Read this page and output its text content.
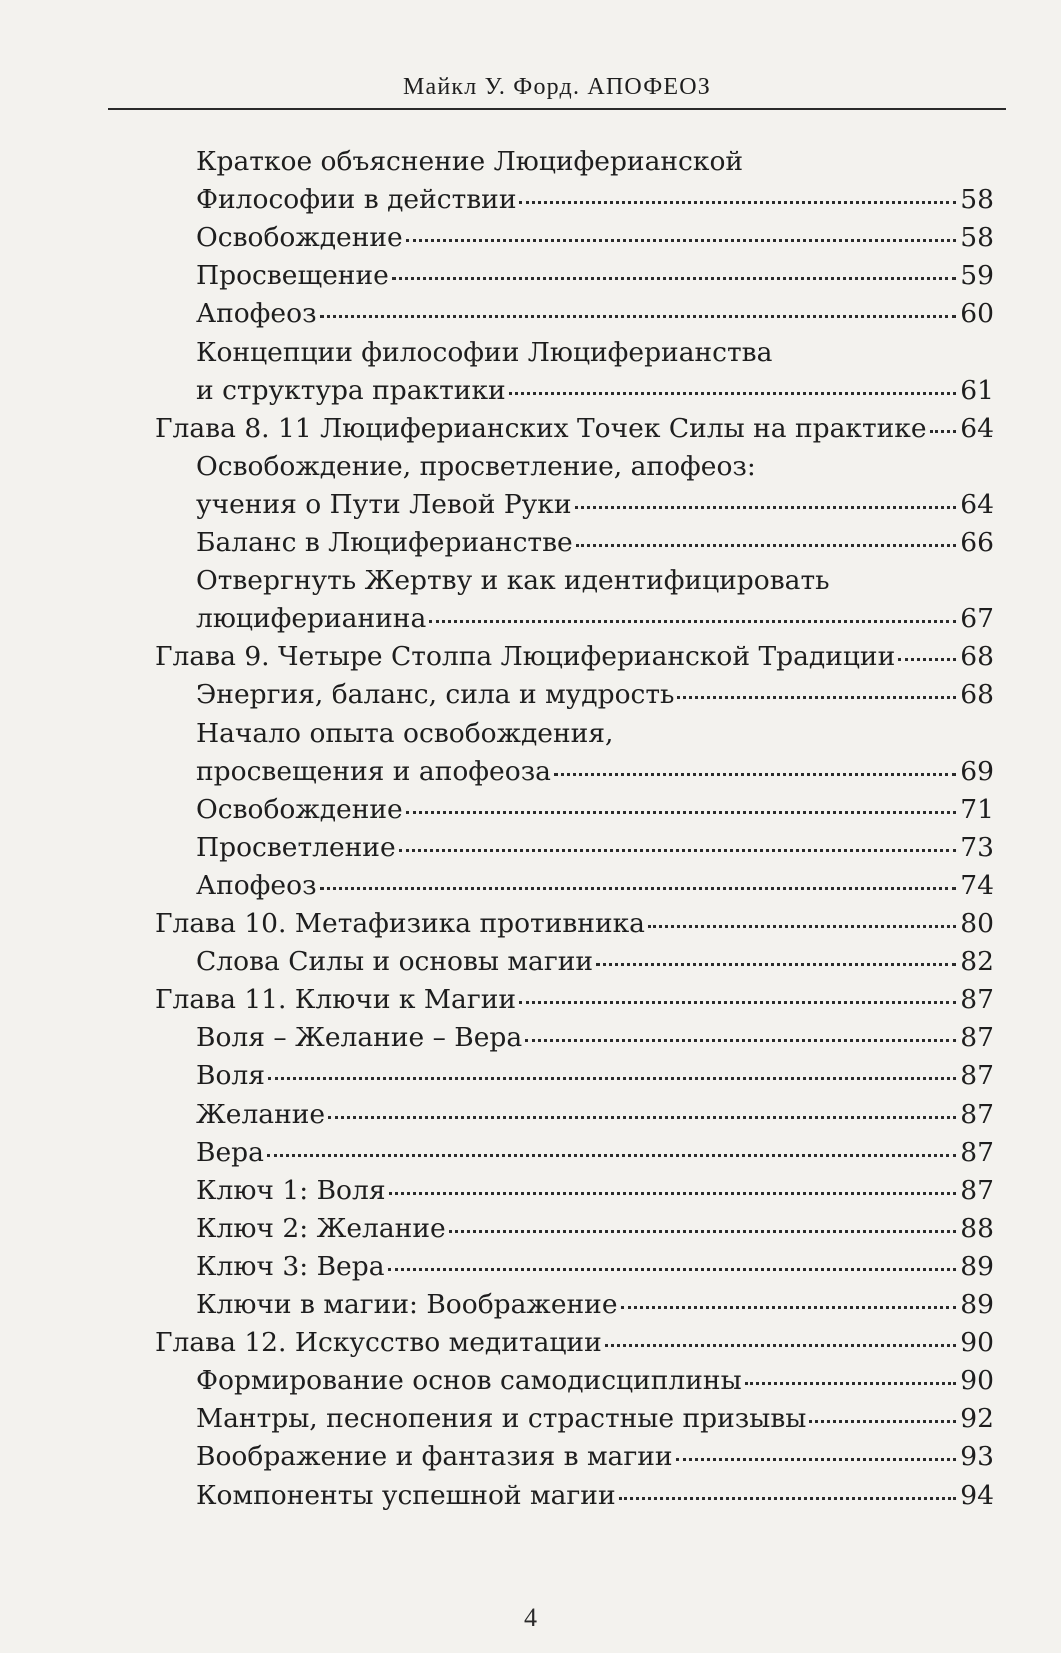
Майкл У. Форд. АПОФЕОЗ
Краткое объяснение Люциферианской
Философии в действии	58
Освобождение	58
Просвещение	59
Апофеоз	60
Концепции философии Люциферианства
и структура практики	61
Глава 8. 11 Люциферианских Точек Силы на практике 64
Освобождение, просветление, апофеоз:
учения о Пути Левой Руки	64
Баланс в Люциферианстве	66
Отвергнуть Жертву и как идентифицировать
люциферианина	67
Глава 9. Четыре Столпа Люциферианской Традиции 68
Энергия, баланс, сила и мудрость	68
Начало опыта освобождения,
просвещения и апофеоза	69
Освобождение	71
Просветление	73
Апофеоз	74
Глава 10. Метафизика противника	80
Слова Силы и основы магии	82
Глава 11. Ключи к Магии	87
Воля – Желание – Вера	87
Воля	87
Желание	87
Вера	87
Ключ 1: Воля	87
Ключ 2: Желание	88
Ключ 3: Вера	89
Ключи в магии: Воображение	89
Глава 12. Искусство медитации	90
Формирование основ самодисциплины	90
Мантры, песнопения и страстные призывы	92
Воображение и фантазия в магии	93
Компоненты успешной магии	94
4
